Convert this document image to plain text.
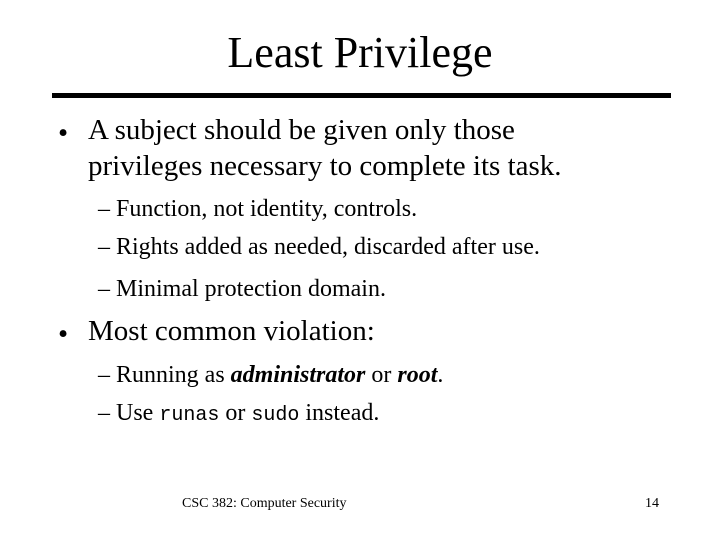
Least Privilege
• A subject should be given only those

privileges necessary to complete its task.

– Function, not identity, controls.

– Rights added as needed, discarded after use.

– Minimal protection domain.

• Most common violation:

– Running as administrator or root.

– Use runas or sudo instead.

CSC 382: Computer Security	14
